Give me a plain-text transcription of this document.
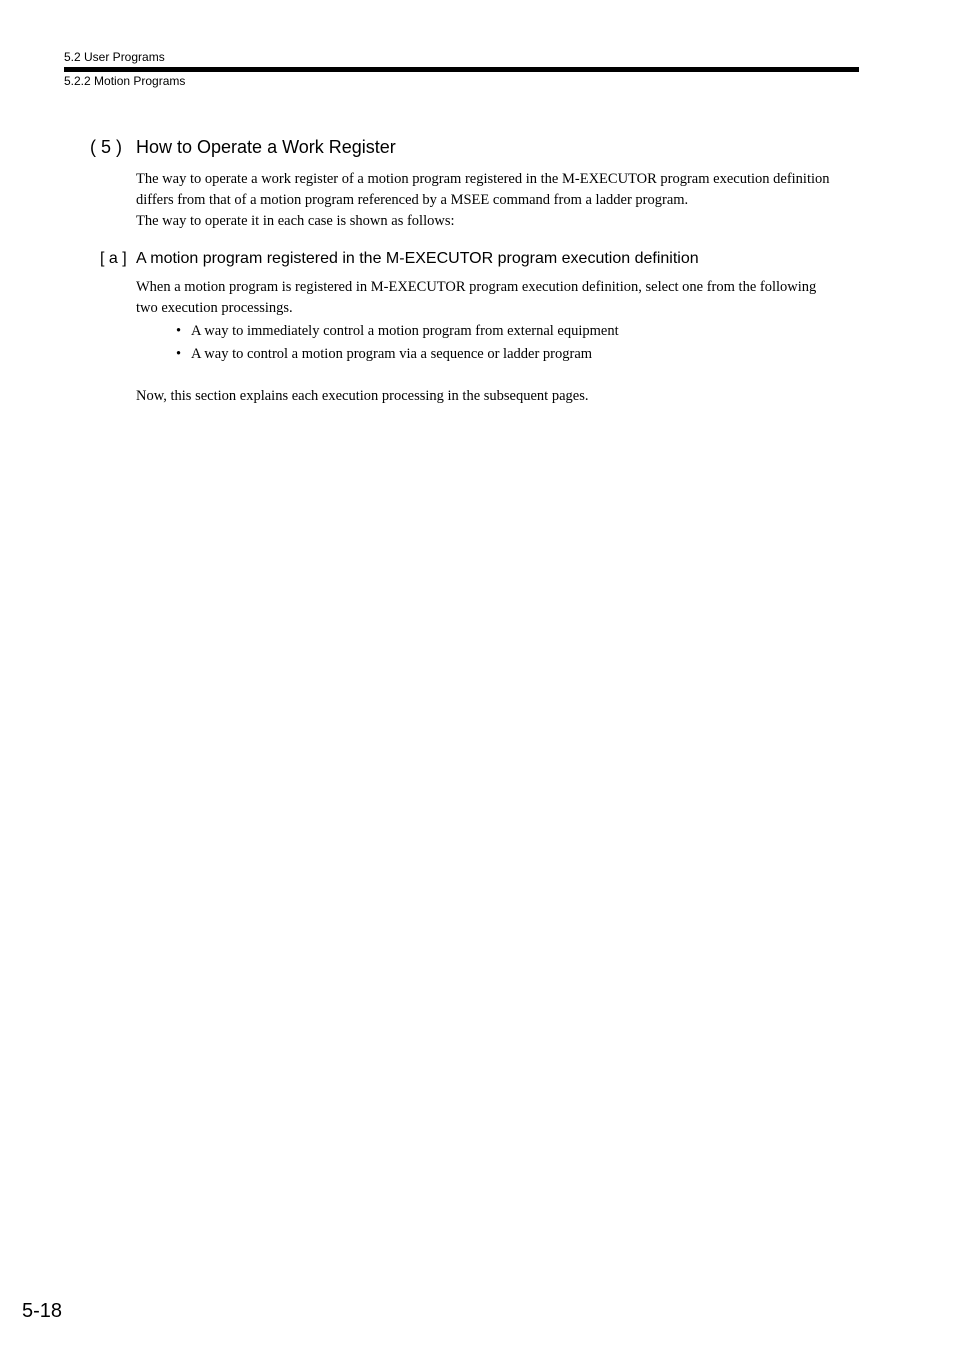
5.2 User Programs
5.2.2 Motion Programs
( 5 ) How to Operate a Work Register
The way to operate a work register of a motion program registered in the M-EXECUTOR program execution definition
differs from that of a motion program referenced by a MSEE command from a ladder program.
The way to operate it in each case is shown as follows:
[ a ] A motion program registered in the M-EXECUTOR program execution definition
When a motion program is registered in M-EXECUTOR program execution definition, select one from the following
two execution processings.
• A way to immediately control a motion program from external equipment
• A way to control a motion program via a sequence or ladder program
Now, this section explains each execution processing in the subsequent pages.
5-18
